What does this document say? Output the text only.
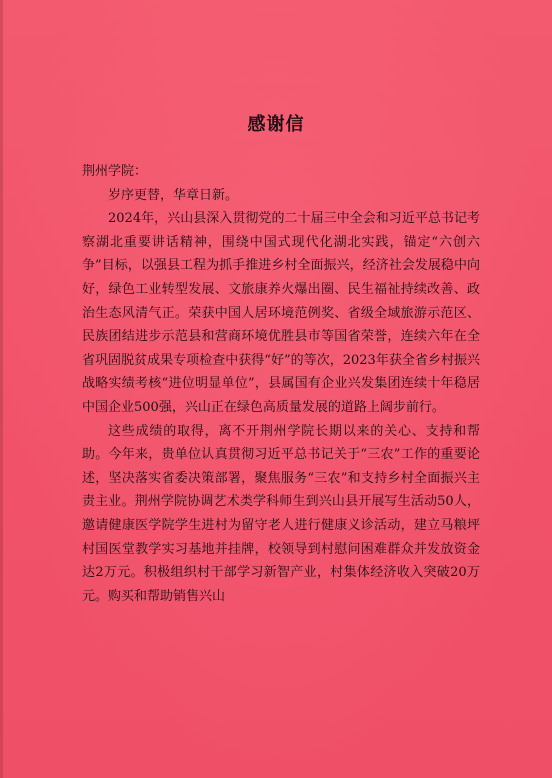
感谢信

荆州学院：

岁序更替，华章日新。

2024年，兴山县深入贯彻党的二十届三中全会和习近平总书记考察湖北重要讲话精神，围绕中国式现代化湖北实践，锚定“六创六争”目标，以强县工程为抓手推进乡村全面振兴，经济社会发展稳中向好，绿色工业转型发展、文旅康养火爆出圈、民生福祉持续改善、政治生态风清气正。荣获中国人居环境范例奖、省级全域旅游示范区、民族团结进步示范县和营商环境优胜县市等国省荣誉，连续六年在全省巩固脱贫成果专项检查中获得“好”的等次，2023年获全省乡村振兴战略实绩考核“进位明显单位”，县属国有企业兴发集团连续十年稳居中国企业500强，兴山正在绿色高质量发展的道路上阔步前行。

这些成绩的取得，离不开荆州学院长期以来的关心、支持和帮助。今年来，贵单位认真贯彻习近平总书记关于“三农”工作的重要论述，坚决落实省委决策部署，聚焦服务“三农”和支持乡村全面振兴主责主业。荆州学院协调艺术类学科师生到兴山县开展写生活动50人，邀请健康医学院学生进村为留守老人进行健康义诊活动，建立马粮坪村国医堂教学实习基地并挂牌，校领导到村慰问困难群众并发放资金达2万元。积极组织村干部学习新智产业，村集体经济收入突破20万元。购买和帮助销售兴山
